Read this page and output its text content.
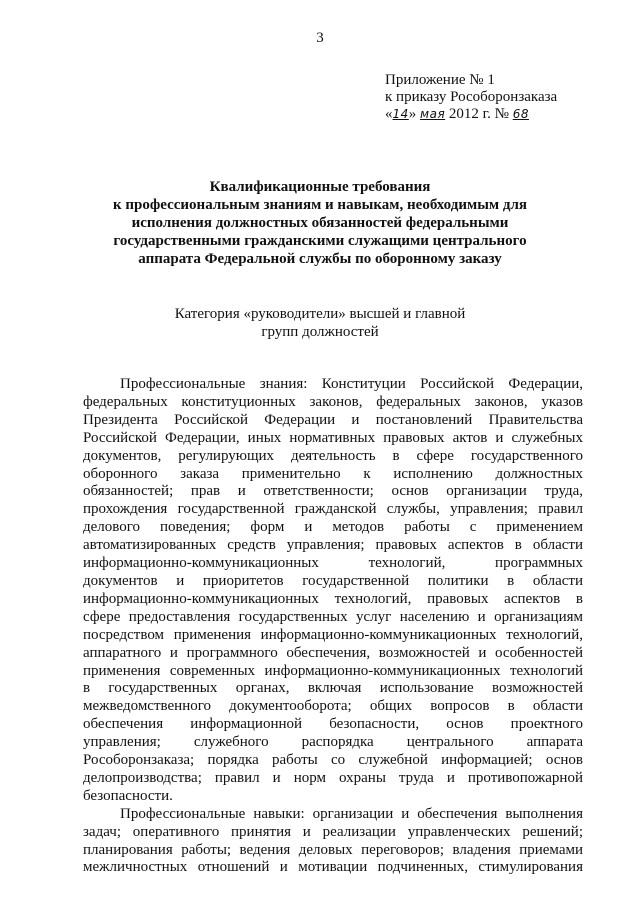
3
Приложение № 1
к приказу Рособоронзаказа
«14» мая 2012 г. № 68
Квалификационные требования
к профессиональным знаниям и навыкам, необходимым для
исполнения должностных обязанностей федеральными
государственными гражданскими служащими центрального
аппарата Федеральной службы по оборонному заказу
Категория «руководители» высшей и главной
групп должностей
Профессиональные знания: Конституции Российской Федерации,
федеральных конституционных законов, федеральных законов, указов
Президента Российской Федерации и постановлений Правительства
Российской Федерации, иных нормативных правовых актов и служебных
документов, регулирующих деятельность в сфере государственного
оборонного заказа применительно к исполнению должностных
обязанностей; прав и ответственности; основ организации труда,
прохождения государственной гражданской службы, управления; правил
делового поведения; форм и методов работы с применением
автоматизированных средств управления; правовых аспектов в области
информационно-коммуникационных технологий, программных
документов и приоритетов государственной политики в области
информационно-коммуникационных технологий, правовых аспектов в
сфере предоставления государственных услуг населению и организациям
посредством применения информационно-коммуникационных технологий,
аппаратного и программного обеспечения, возможностей и особенностей
применения современных информационно-коммуникационных технологий
в государственных органах, включая использование возможностей
межведомственного документооборота; общих вопросов в области
обеспечения информационной безопасности, основ проектного
управления; служебного распорядка центрального аппарата
Рособоронзаказа; порядка работы со служебной информацией; основ
делопроизводства; правил и норм охраны труда и противопожарной
безопасности.
Профессиональные навыки: организации и обеспечения выполнения
задач; оперативного принятия и реализации управленческих решений;
планирования работы; ведения деловых переговоров; владения приемами
межличностных отношений и мотивации подчиненных, стимулирования
